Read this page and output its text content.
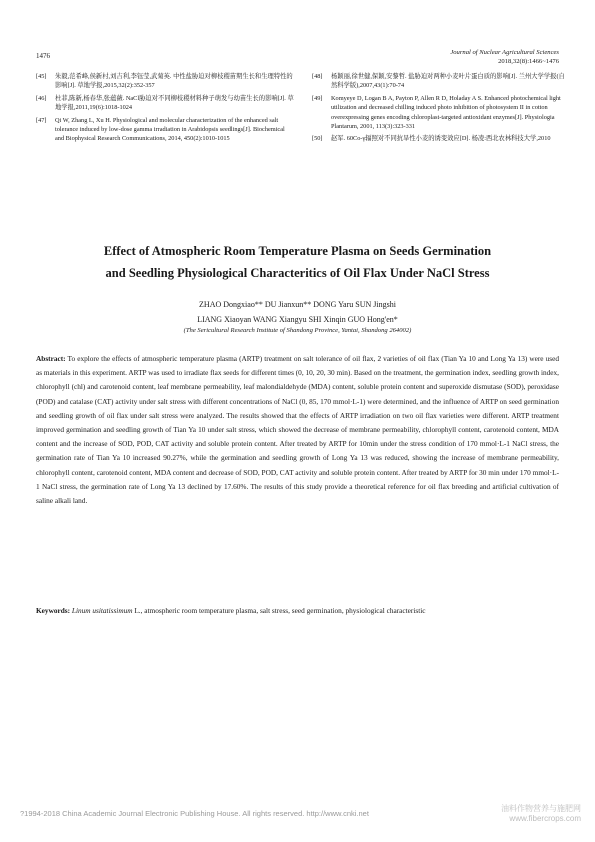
1476	Journal of Nuclear Agricultural Sciences
2018,32(8):1466~1476
[45] 朱毅,范希峰,侯新村,刘吉利,李钰莹,武菊英. 中性盐胁迫对柳枝稷苗期生长和生理特性的影响[J]. 草地学报,2015,32(2):352-357
[46] 杜菲,陈新,杨春华,张蕴薇. NaCl胁迫对不同柳枝稷材料种子萌发与幼苗生长的影响[J]. 草地学报,2011,19(6):1018-1024
[47] Qi W, Zhang L, Xu H. Physiological and molecular characterization of the enhanced salt tolerance induced by low-dose gamma irradiation in Arabidopsis seedlings[J]. Biochemical and Biophysical Research Communications, 2014, 450(2):1010-1015
[48] 杨颖丽,徐世健,保颖,安黎哲. 盐胁迫对两种小麦叶片蛋白质的影响[J]. 兰州大学学报(自然科学版),2007,43(1):70-74
[49] Komyeye D, Logan B A, Payton P, Allen R D, Holaday A S. Enhanced photochemical light utilization and decreased chilling induced photo inhibition of photosystem II in cotton overexpressing genes encoding chloroplast-targeted antioxidant enzymes[J]. Physiologia Plantarum, 2001, 113(3):323-331
[50] 赵军. 60Co-γ辐照对不同抗旱性小麦的诱变效应[D]. 杨凌:西北农林科技大学,2010
Effect of Atmospheric Room Temperature Plasma on Seeds Germination
and Seedling Physiological Characteritics of Oil Flax Under NaCl Stress
ZHAO Dongxiao** DU Jianxun** DONG Yaru SUN Jingshi
LIANG Xiaoyan WANG Xiangyu SHI Xinqin GUO Hong'en*
(The Sericultural Research Institute of Shandong Province, Yantai, Shandong 264002)
Abstract: To explore the effects of atmospheric temperature plasma (ARTP) treatment on salt tolerance of oil flax, 2 varieties of oil flax (Tian Ya 10 and Long Ya 13) were used as materials in this experiment. ARTP was used to irradiate flax seeds for different times (0, 10, 20, 30 min). Based on the treatment, the germination index, seedling growth index, chlorophyll (chl) and carotenoid content, leaf membrane permeability, leaf malondialdehyde (MDA) content, soluble protein content and superoxide dismutase (SOD), peroxidase (POD) and catalase (CAT) activity under salt stress with different concentrations of NaCl (0, 85, 170 mmol·L-1) were determined, and the influence of ARTP on seed germination and seedling growth of oil flax under salt stress were analyzed. The results showed that the effects of ARTP irradiation on two oil flax varieties were different. ARTP treatment improved germination and seedling growth of Tian Ya 10 under salt stress, which showed the decrease of membrane permeability, chlorophyll content, carotenoid content, MDA content and the increase of SOD, POD, CAT activity and soluble protein content. After treated by ARTP for 10min under the stress condition of 170 mmol·L-1 NaCl stress, the germination rate of Tian Ya 10 increased 90.27%, while the germination and seedling growth of Long Ya 13 was reduced, showing the increase of membrane permeability, chlorophyll content, carotenoid content, MDA content and decrease of SOD, POD, CAT activity and soluble protein content. After treated by ARTP for 30 min under 170 mmol·L-1 NaCl stress, the germination rate of Long Ya 13 declined by 17.60%. The results of this study provide a theoretical reference for oil flax breeding and artificial cultivation of saline alkali land.
Keywords: Linum usitatissimum L., atmospheric room temperature plasma, salt stress, seed germination, physiological characteristic
?1994-2018 China Academic Journal Electronic Publishing House. All rights reserved. http://www.cnki.net
油料作物营养与施肥网
www.fibercrops.com
